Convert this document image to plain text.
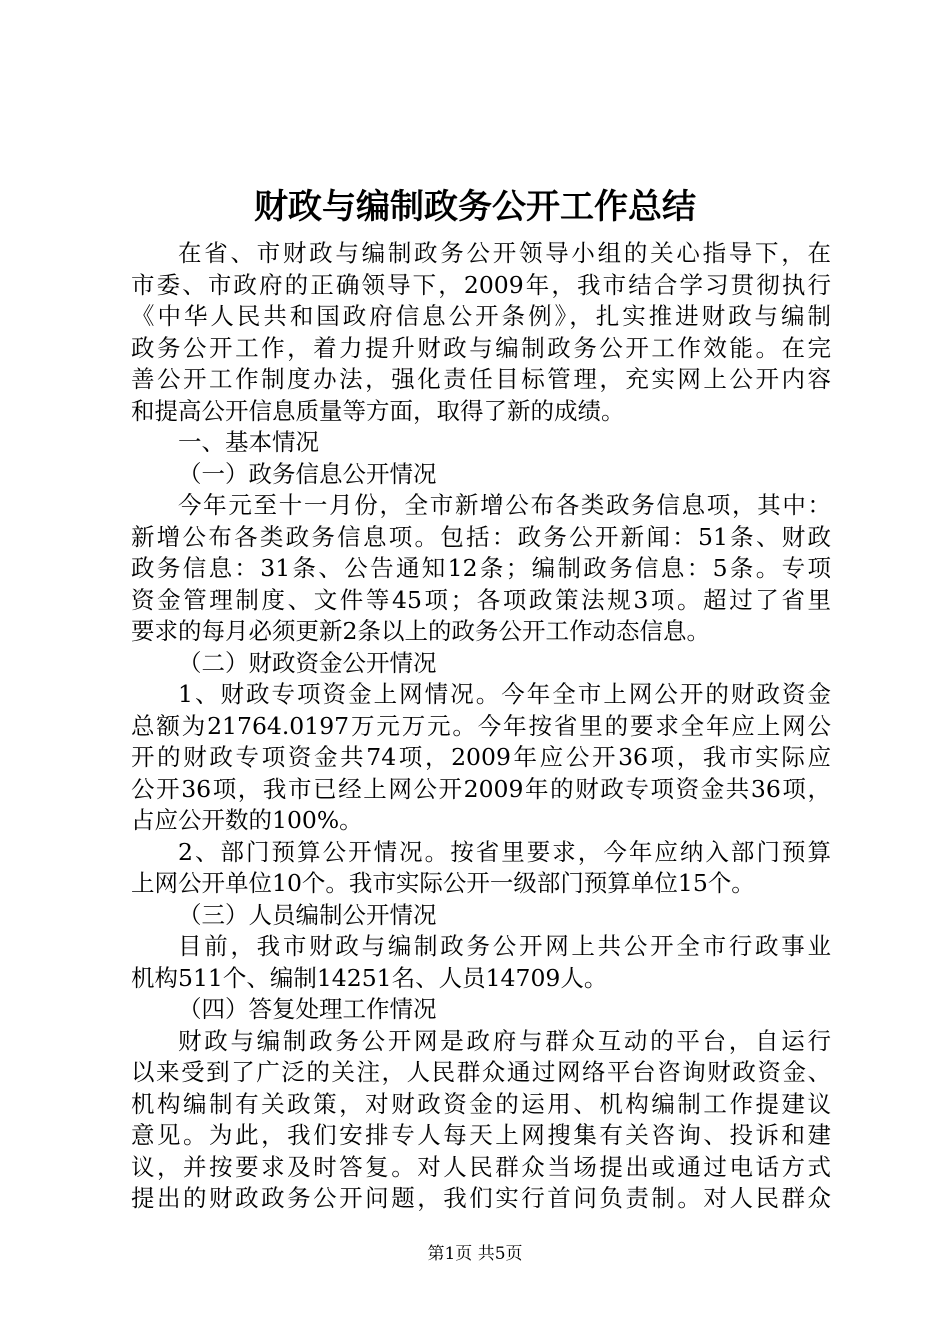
财政与编制政务公开工作总结
在省、市财政与编制政务公开领导小组的关心指导下，在
市委、市政府的正确领导下，2009年，我市结合学习贯彻执行
《中华人民共和国政府信息公开条例》，扎实推进财政与编制
政务公开工作，着力提升财政与编制政务公开工作效能。在完
善公开工作制度办法，强化责任目标管理，充实网上公开内容
和提高公开信息质量等方面，取得了新的成绩。
一、基本情况
（一）政务信息公开情况
今年元至十一月份，全市新增公布各类政务信息项，其中：
新增公布各类政务信息项。包括：政务公开新闻：51条、财政
政务信息：31条、公告通知12条；编制政务信息：5条。专项
资金管理制度、文件等45项；各项政策法规3项。超过了省里
要求的每月必须更新2条以上的政务公开工作动态信息。
（二）财政资金公开情况
1、财政专项资金上网情况。今年全市上网公开的财政资金
总额为21764.0197万元万元。今年按省里的要求全年应上网公
开的财政专项资金共74项，2009年应公开36项，我市实际应
公开36项，我市已经上网公开2009年的财政专项资金共36项，
占应公开数的100%。
2、部门预算公开情况。按省里要求，今年应纳入部门预算
上网公开单位10个。我市实际公开一级部门预算单位15个。
（三）人员编制公开情况
目前，我市财政与编制政务公开网上共公开全市行政事业
机构511个、编制14251名、人员14709人。
（四）答复处理工作情况
财政与编制政务公开网是政府与群众互动的平台，自运行
以来受到了广泛的关注，人民群众通过网络平台咨询财政资金、
机构编制有关政策，对财政资金的运用、机构编制工作提建议
意见。为此，我们安排专人每天上网搜集有关咨询、投诉和建
议，并按要求及时答复。对人民群众当场提出或通过电话方式
提出的财政政务公开问题，我们实行首问负责制。对人民群众
第1页 共5页
